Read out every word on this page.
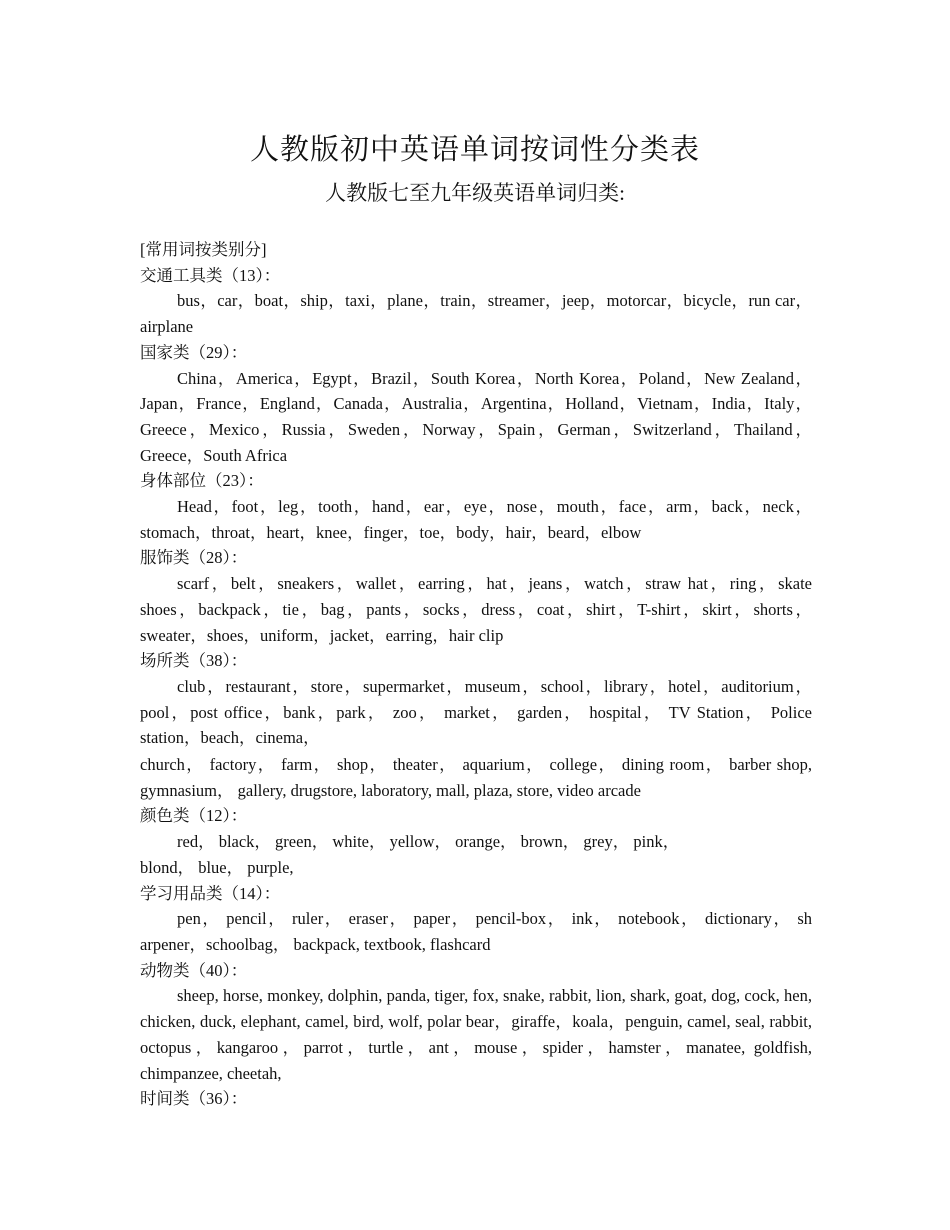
人教版初中英语单词按词性分类表
人教版七至九年级英语单词归类:

[常用词按类别分]

交通工具类（13）：

bus，car，boat，ship，taxi，plane，train，streamer，jeep，motorcar，bicycle，run car，airplane

国家类（29）：

China，America，Egypt，Brazil，South Korea，North Korea，Poland，New Zealand，Japan，France，England，Canada，Australia，Argentina，Holland，Vietnam，India，Italy，Greece，Mexico，Russia，Sweden，Norway，Spain，German，Switzerland，Thailand，Greece，South Africa

身体部位（23）：

Head，foot，leg，tooth，hand，ear，eye，nose，mouth，face，arm，back，neck，stomach，throat，heart，knee，finger，toe，body，hair，beard，elbow

服饰类（28）：

scarf，belt，sneakers，wallet，earring，hat，jeans，watch，straw hat，ring，skate shoes，backpack，tie，bag，pants，socks，dress，coat，shirt，T-shirt，skirt，shorts，sweater，shoes，uniform，jacket，earring，hair clip

场所类（38）：

club，restaurant，store，supermarket，museum，school，library，hotel，auditorium，pool，post office，bank，park， zoo， market， garden， hospital， TV Station， Police station，beach，cinema，

church， factory， farm， shop， theater， aquarium， college， dining room， barber shop, gymnasium， gallery, drugstore, laboratory, mall, plaza, store, video arcade

颜色类（12）：

red， black， green， white， yellow， orange， brown， grey， pink，

blond， blue， purple,

学习用品类（14）：

pen， pencil， ruler， eraser， paper， pencil-box， ink， notebook， dictionary， sh arpener，schoolbag， backpack, textbook, flashcard

动物类（40）：

sheep, horse, monkey, dolphin, panda, tiger, fox, snake, rabbit, lion, shark, goat, dog, cock, hen, chicken, duck, elephant, camel, bird, wolf, polar bear，giraffe，koala，penguin, camel, seal, rabbit, octopus，kangaroo，parrot，turtle，ant，mouse，spider，hamster，manatee, goldfish, chimpanzee, cheetah,

时间类（36）：
